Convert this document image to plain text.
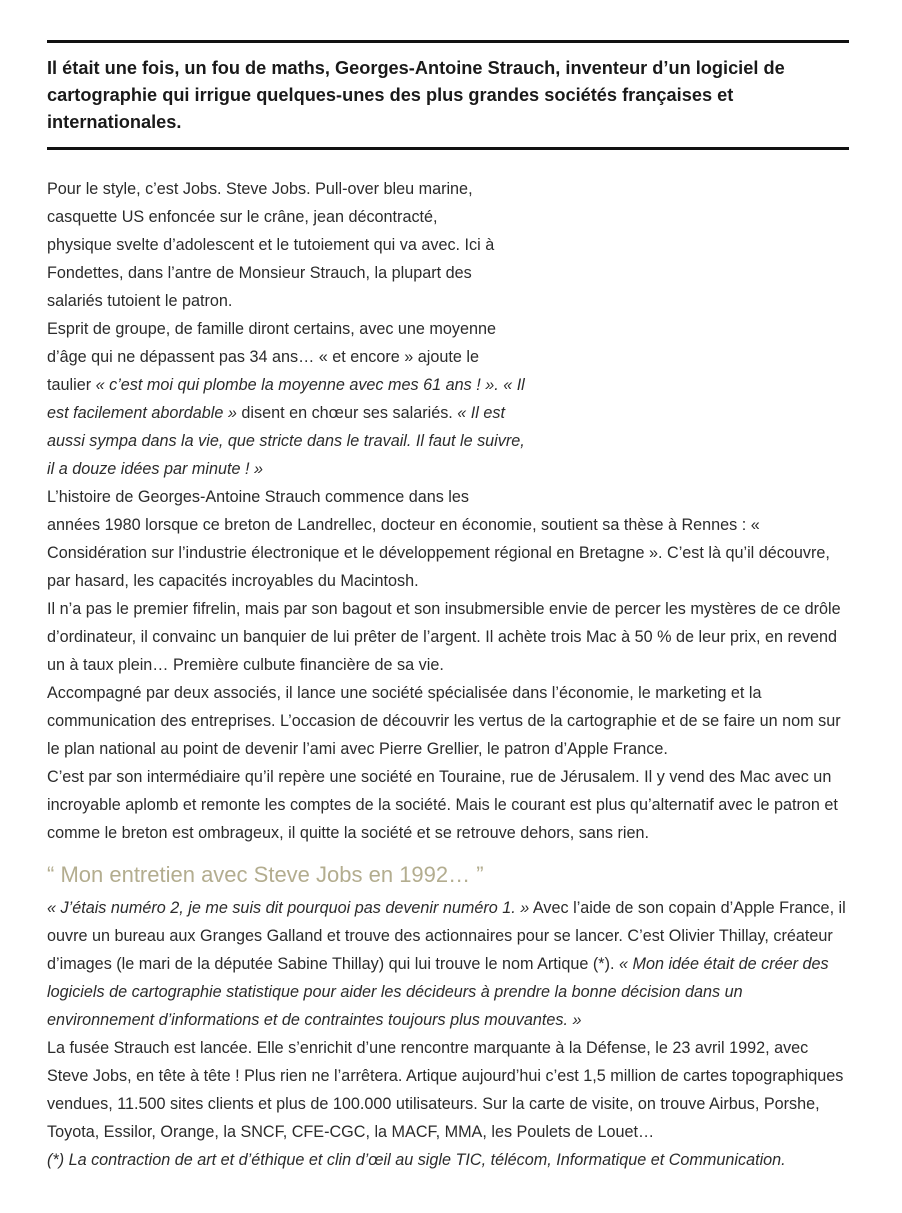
Il était une fois, un fou de maths, Georges-Antoine Strauch, inventeur d’un logiciel de cartographie qui irrigue quelques-unes des plus grandes sociétés françaises et internationales.

Pour le style, c’est Jobs. Steve Jobs. Pull-over bleu marine,
casquette US enfoncée sur le crâne, jean décontracté,
physique svelte d’adolescent et le tutoiement qui va avec. Ici à
Fondettes, dans l’antre de Monsieur Strauch, la plupart des
salariés tutoient le patron.
Esprit de groupe, de famille diront certains, avec une moyenne
d’âge qui ne dépassent pas 34 ans… « et encore » ajoute le
taulier « c’est moi qui plombe la moyenne avec mes 61 ans ! ». « Il
est facilement abordable » disent en chœur ses salariés. « Il est
aussi sympa dans la vie, que stricte dans le travail. Il faut le suivre,
il a douze idées par minute ! »
L’histoire de Georges-Antoine Strauch commence dans les

années 1980 lorsque ce breton de Landrellec, docteur en économie, soutient sa thèse à Rennes : « Considération sur l’industrie électronique et le développement régional en Bretagne ». C’est là qu’il découvre, par hasard, les capacités incroyables du Macintosh.

Il n’a pas le premier fifrelin, mais par son bagout et son insubmersible envie de percer les mystères de ce drôle d’ordinateur, il convainc un banquier de lui prêter de l’argent. Il achète trois Mac à 50 % de leur prix, en revend un à taux plein… Première culbute financière de sa vie.

Accompagné par deux associés, il lance une société spécialisée dans l’économie, le marketing et la communication des entreprises. L’occasion de découvrir les vertus de la cartographie et de se faire un nom sur le plan national au point de devenir l’ami avec Pierre Grellier, le patron d’Apple France.

C’est par son intermédiaire qu’il repère une société en Touraine, rue de Jérusalem. Il y vend des Mac avec un incroyable aplomb et remonte les comptes de la société. Mais le courant est plus qu’alternatif avec le patron et comme le breton est ombrageux, il quitte la société et se retrouve dehors, sans rien.

“ Mon entretien avec Steve Jobs en 1992… ”

« J’étais numéro 2, je me suis dit pourquoi pas devenir numéro 1. » Avec l’aide de son copain d’Apple France, il ouvre un bureau aux Granges Galland et trouve des actionnaires pour se lancer. C’est Olivier Thillay, créateur d’images (le mari de la députée Sabine Thillay) qui lui trouve le nom Artique (*). « Mon idée était de créer des logiciels de cartographie statistique pour aider les décideurs à prendre la bonne décision dans un environnement d’informations et de contraintes toujours plus mouvantes. »

La fusée Strauch est lancée. Elle s’enrichit d’une rencontre marquante à la Défense, le 23 avril 1992, avec Steve Jobs, en tête à tête ! Plus rien ne l’arrêtera. Artique aujourd’hui c’est 1,5 million de cartes topographiques vendues, 11.500 sites clients et plus de 100.000 utilisateurs. Sur la carte de visite, on trouve Airbus, Porshe, Toyota, Essilor, Orange, la SNCF, CFE-CGC, la MACF, MMA, les Poulets de Louet…

(*) La contraction de art et d’éthique et clin d’œil au sigle TIC, télécom, Informatique et Communication.
